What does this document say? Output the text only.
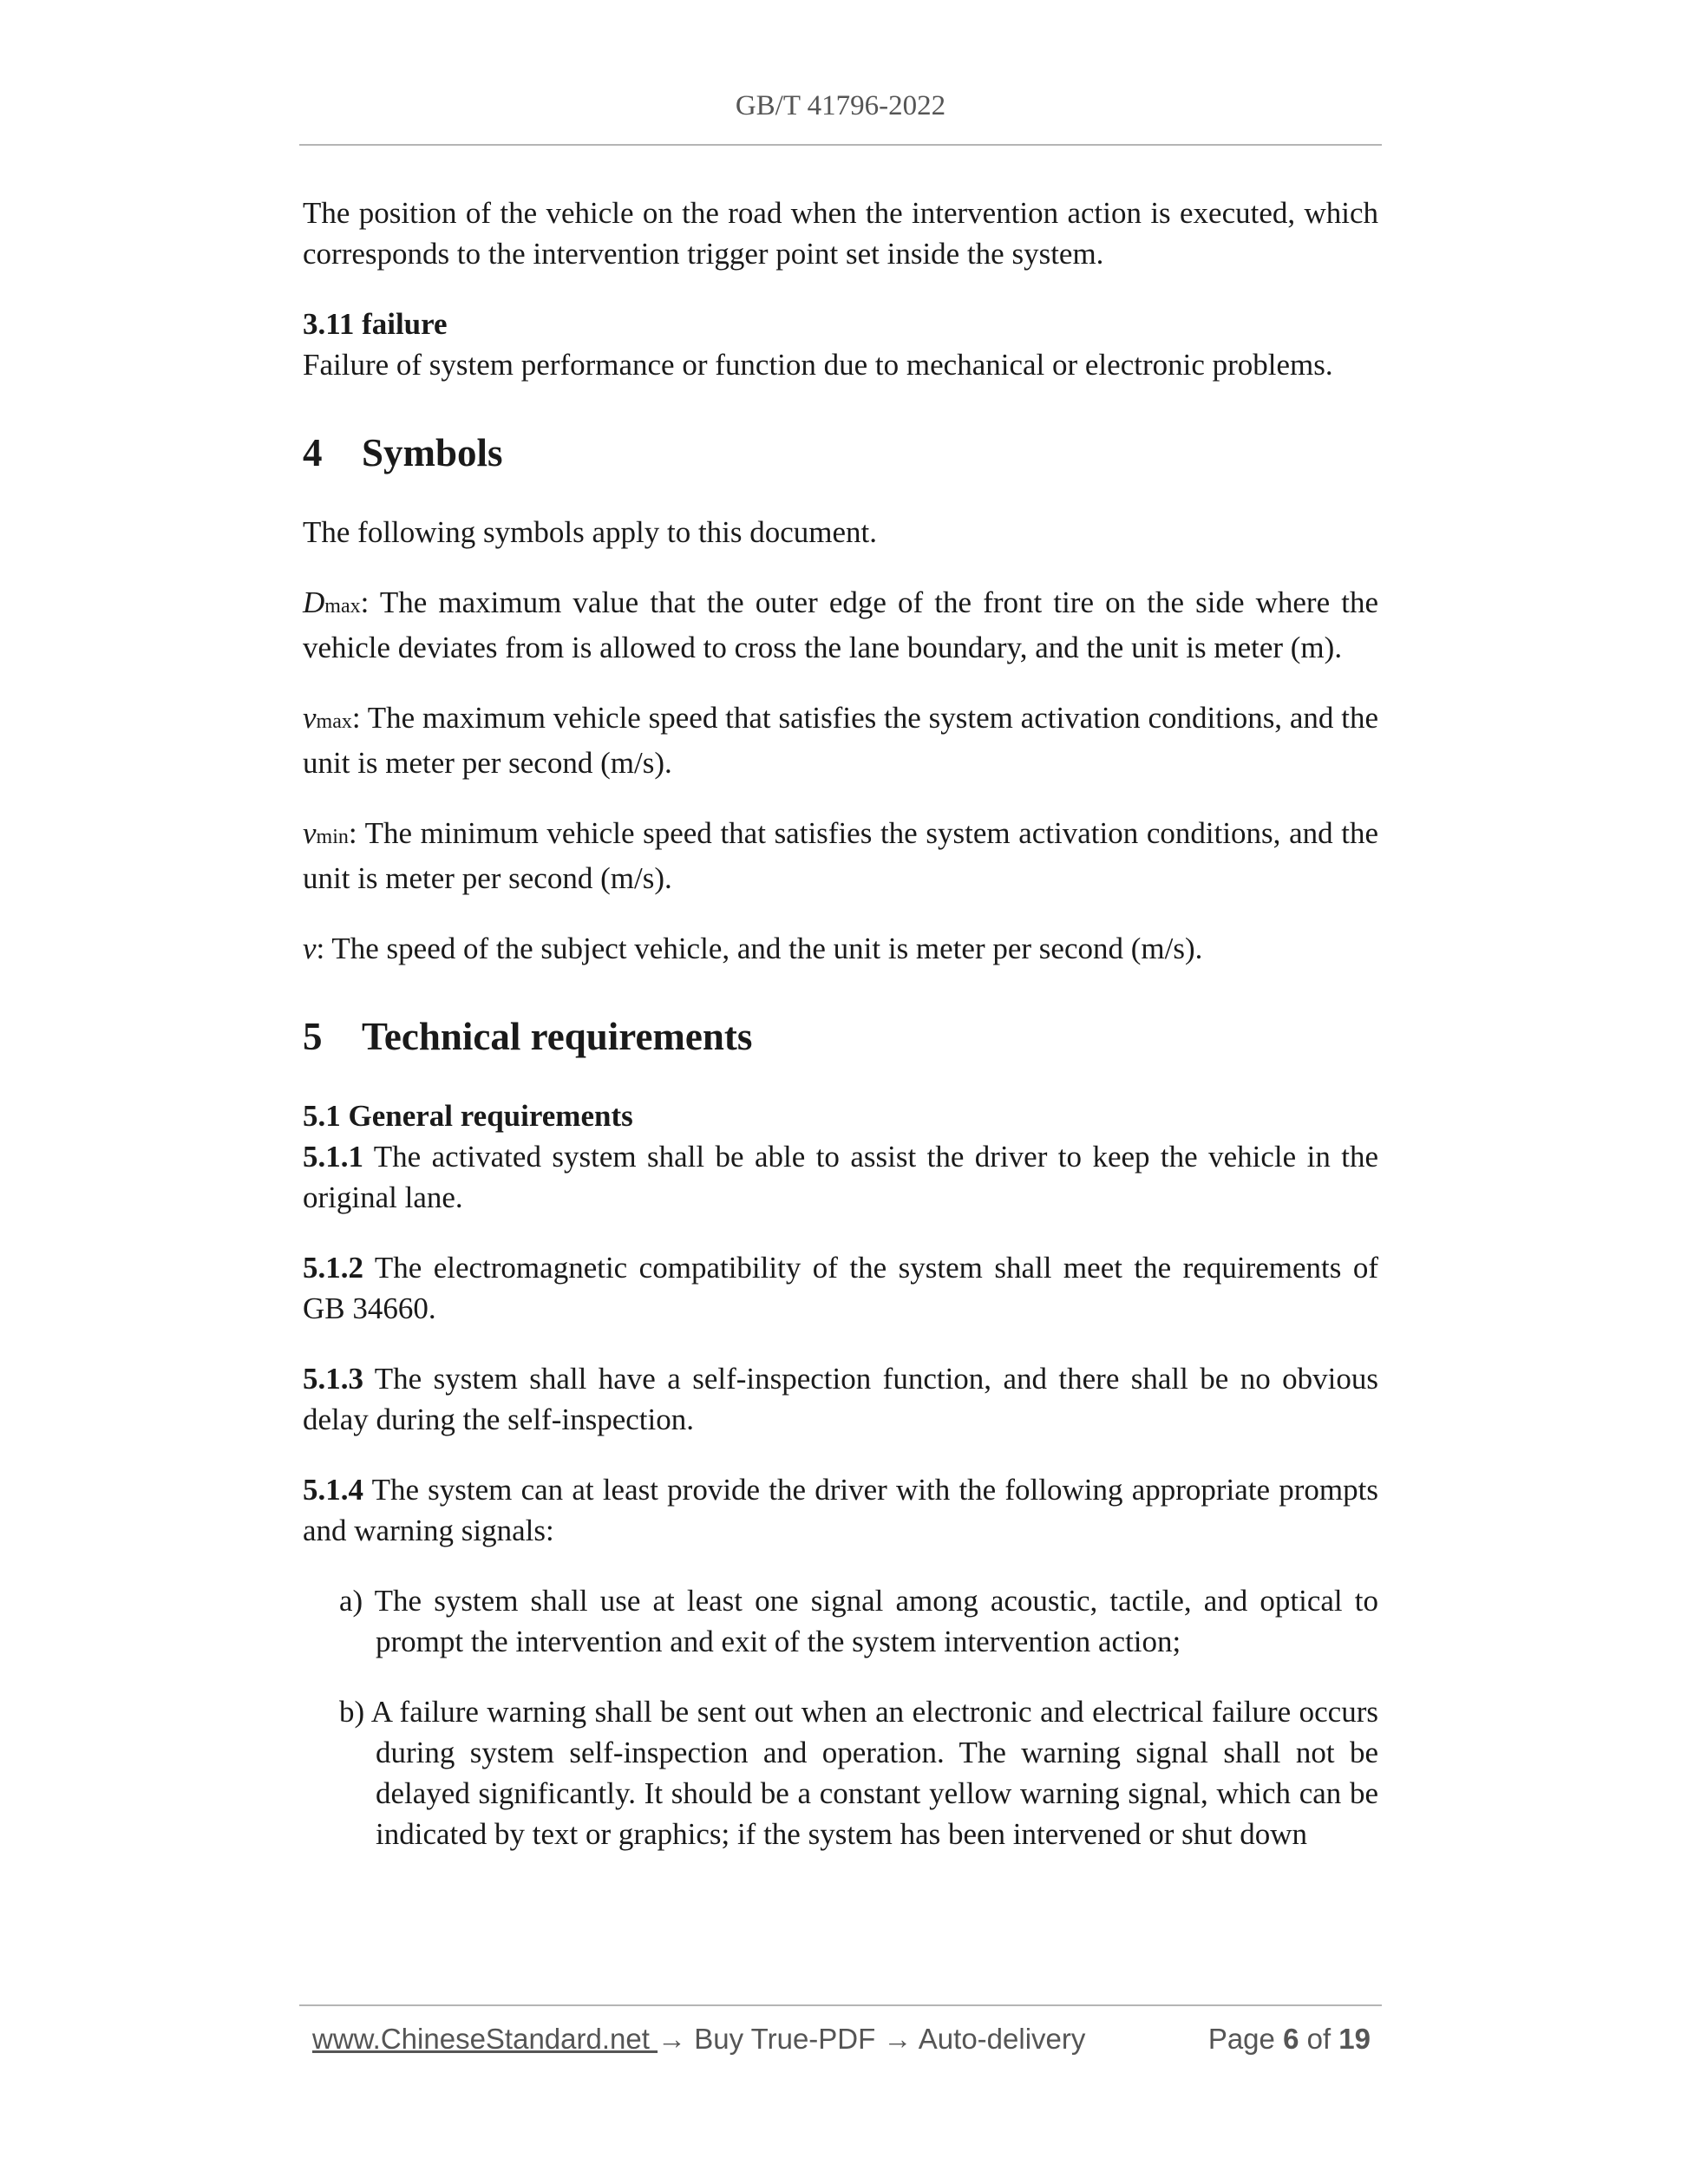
GB/T 41796-2022

The position of the vehicle on the road when the intervention action is executed, which corresponds to the intervention trigger point set inside the system.

3.11 failure

Failure of system performance or function due to mechanical or electronic problems.

4 Symbols

The following symbols apply to this document.

Dmax: The maximum value that the outer edge of the front tire on the side where the vehicle deviates from is allowed to cross the lane boundary, and the unit is meter (m).

vmax: The maximum vehicle speed that satisfies the system activation conditions, and the unit is meter per second (m/s).

vmin: The minimum vehicle speed that satisfies the system activation conditions, and the unit is meter per second (m/s).

v: The speed of the subject vehicle, and the unit is meter per second (m/s).

5 Technical requirements

5.1 General requirements

5.1.1 The activated system shall be able to assist the driver to keep the vehicle in the original lane.

5.1.2 The electromagnetic compatibility of the system shall meet the requirements of GB 34660.

5.1.3 The system shall have a self-inspection function, and there shall be no obvious delay during the self-inspection.

5.1.4 The system can at least provide the driver with the following appropriate prompts and warning signals:

a) The system shall use at least one signal among acoustic, tactile, and optical to prompt the intervention and exit of the system intervention action;

b) A failure warning shall be sent out when an electronic and electrical failure occurs during system self-inspection and operation. The warning signal shall not be delayed significantly. It should be a constant yellow warning signal, which can be indicated by text or graphics; if the system has been intervened or shut down

www.ChineseStandard.net → Buy True-PDF → Auto-delivery	Page 6 of 19
